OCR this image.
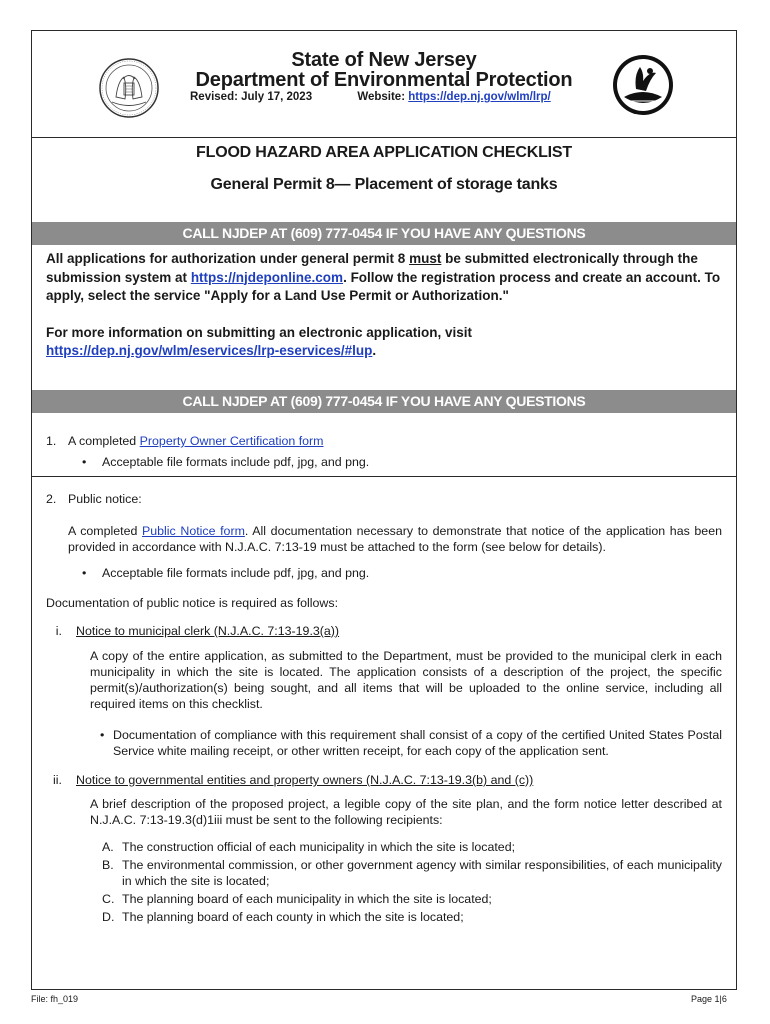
State of New Jersey
Department of Environmental Protection
Revised: July 17, 2023	Website: https://dep.nj.gov/wlm/lrp/
FLOOD HAZARD AREA APPLICATION CHECKLIST
General Permit 8— Placement of storage tanks
CALL NJDEP AT (609) 777-0454 IF YOU HAVE ANY QUESTIONS

All applications for authorization under general permit 8 must be submitted electronically through the submission system at https://njdeponline.com. Follow the registration process and create an account. To apply, select the service "Apply for a Land Use Permit or Authorization."

For more information on submitting an electronic application, visit
https://dep.nj.gov/wlm/eservices/lrp-eservices/#lup.

CALL NJDEP AT (609) 777-0454 IF YOU HAVE ANY QUESTIONS
1. A completed Property Owner Certification form
•	Acceptable file formats include pdf, jpg, and png.
2. Public notice:
A completed Public Notice form. All documentation necessary to demonstrate that notice of the application has been provided in accordance with N.J.A.C. 7:13-19 must be attached to the form (see below for details).
•	Acceptable file formats include pdf, jpg, and png.
Documentation of public notice is required as follows:
i.	Notice to municipal clerk (N.J.A.C. 7:13-19.3(a))
A copy of the entire application, as submitted to the Department, must be provided to the municipal clerk in each municipality in which the site is located. The application consists of a description of the project, the specific permit(s)/authorization(s) being sought, and all items that will be uploaded to the online service, including all required items on this checklist.
• Documentation of compliance with this requirement shall consist of a copy of the certified United States Postal Service white mailing receipt, or other written receipt, for each copy of the application sent.
ii.	Notice to governmental entities and property owners (N.J.A.C. 7:13-19.3(b) and (c))
A brief description of the proposed project, a legible copy of the site plan, and the form notice letter described at N.J.A.C. 7:13-19.3(d)1iii must be sent to the following recipients:
A. The construction official of each municipality in which the site is located;
B. The environmental commission, or other government agency with similar responsibilities, of each municipality in which the site is located;
C. The planning board of each municipality in which the site is located;
D. The planning board of each county in which the site is located;
File: fh_019	Page 1|6
